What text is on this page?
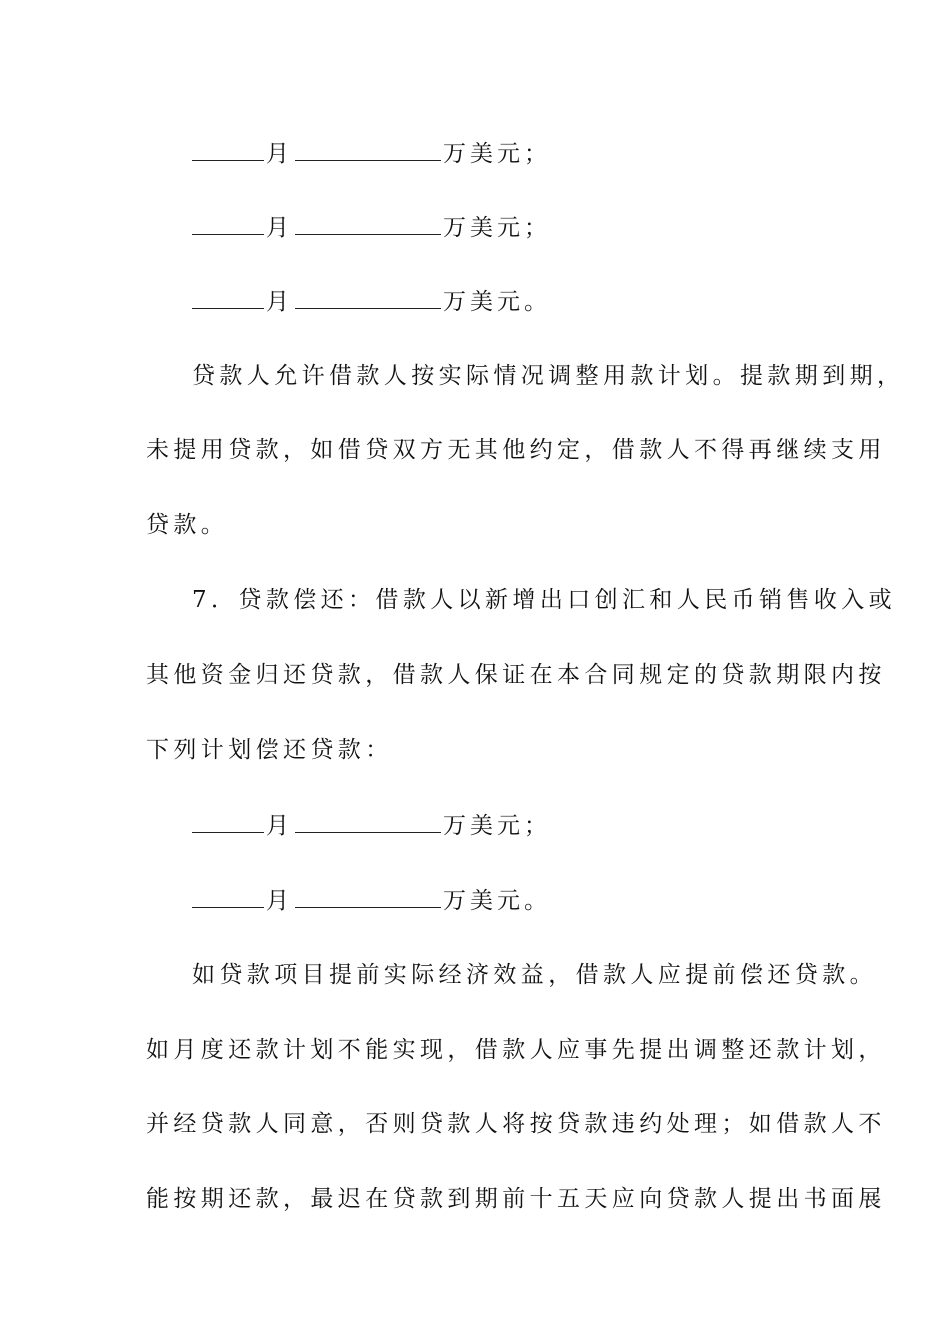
月	万美元；
月	万美元；
月	万美元。
贷款人允许借款人按实际情况调整用款计划。提款期到期，
未提用贷款，如借贷双方无其他约定，借款人不得再继续支用
贷款。
7．贷款偿还：借款人以新增出口创汇和人民币销售收入或
其他资金归还贷款，借款人保证在本合同规定的贷款期限内按
下列计划偿还贷款：
月	万美元；
月	万美元。
如贷款项目提前实际经济效益，借款人应提前偿还贷款。
如月度还款计划不能实现，借款人应事先提出调整还款计划，
并经贷款人同意，否则贷款人将按贷款违约处理；如借款人不
能按期还款，最迟在贷款到期前十五天应向贷款人提出书面展
